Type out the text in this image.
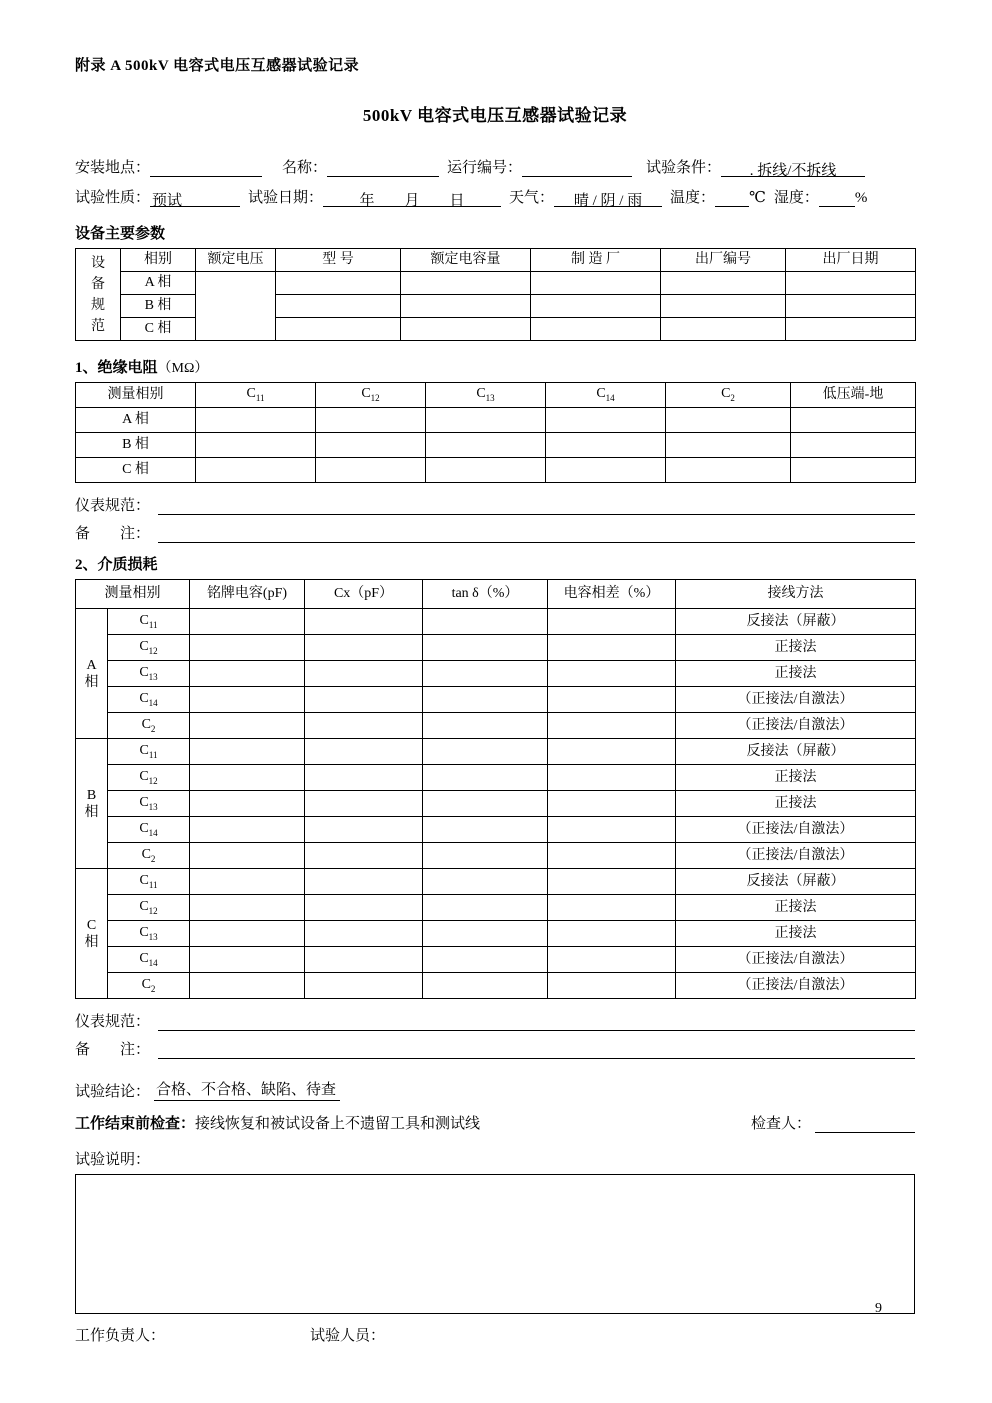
附录 A 500kV 电容式电压互感器试验记录
500kV 电容式电压互感器试验记录
安装地点：	名称：	运行编号：	试验条件：	. 拆线/不拆线
试验性质： 预试	试验日期：	年　　月　　日	天气：	晴 / 阴 / 雨	温度： ℃ 湿度： %
设备主要参数
设
备
规
范	相别	额定电压	型 号	额定电容量	制 造 厂	出厂编号	出厂日期
	A 相						
	B 相						
	C 相						
1、绝缘电阻（MΩ）
测量相别	$C_{11}$	$C_{12}$	$C_{13}$	$C_{14}$	$C_2$	低压端-地
A 相						
B 相						
C 相						
仪表规范：
备　　注：
2、介质损耗
测量相别		铭牌电容(pF)	Cx（pF）	tan δ（%）	电容相差（%）	接线方法

A
相	$C_{11}$					反接法（屏蔽）
	$C_{12}$					正接法
	$C_{13}$					正接法
	$C_{14}$					（正接法/自激法）
	$C_2$					（正接法/自激法）

B
相	$C_{11}$					反接法（屏蔽）
	$C_{12}$					正接法
	$C_{13}$					正接法
	$C_{14}$					（正接法/自激法）
	$C_2$					（正接法/自激法）

C
相	$C_{11}$					反接法（屏蔽）
	$C_{12}$					正接法
	$C_{13}$					正接法
	$C_{14}$					（正接法/自激法）
	$C_2$					（正接法/自激法）
仪表规范：
备　　注：
试验结论： 合格、不合格、缺陷、待查
工作结束前检查： 接线恢复和被试设备上不遗留工具和测试线	检查人：
试验说明：
工作负责人：	试验人员：
9
